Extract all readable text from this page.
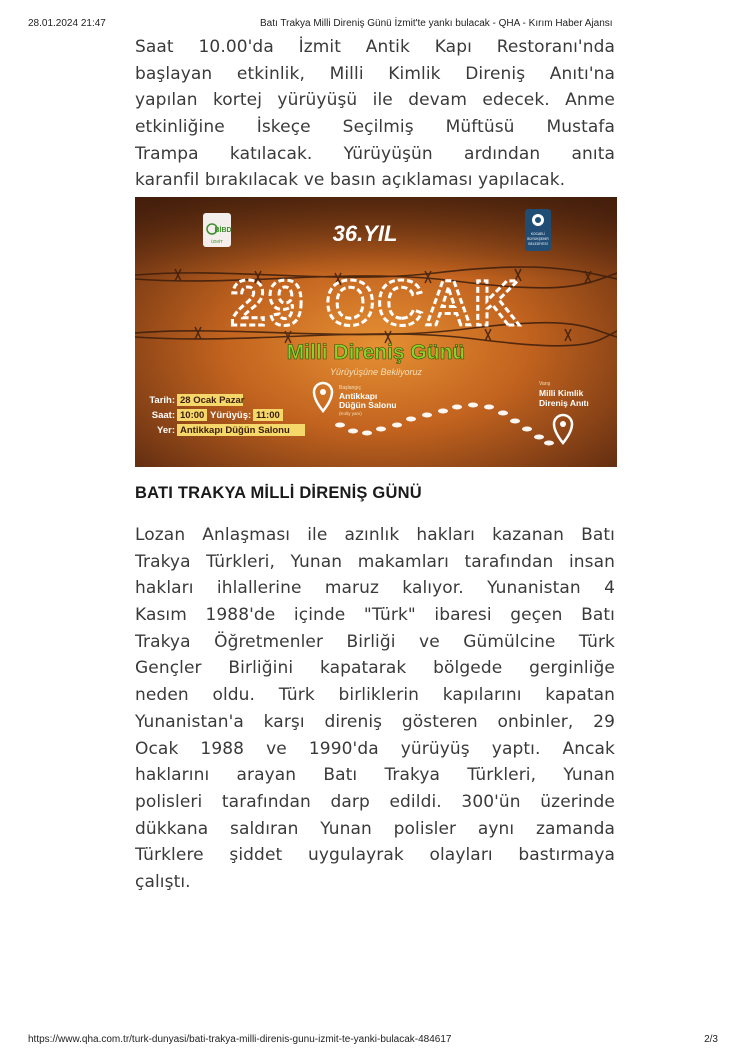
28.01.2024 21:47	Batı Trakya Milli Direniş Günü İzmit'te yankı bulacak - QHA - Kırım Haber Ajansı
Saat 10.00'da İzmit Antik Kapı Restoranı'nda
başlayan etkinlik, Milli Kimlik Direniş Anıtı'na
yapılan kortej yürüyüşü ile devam edecek. Anme
etkinliğine İskeçe Seçilmiş Müftüsü Mustafa
Trampa katılacak. Yürüyüşün ardından anıta
karanfil bırakılacak ve basın açıklaması yapılacak.
BİBD
İZMİT
KOCAELİ
BÜYÜKŞEHİR
BELEDİYESİ
36.YIL
29 OCAK
Milli Direniş Günü
Yürüyüşüne Bekliyoruz
Tarih: 28 Ocak Pazar
Saat: 10:00 Yürüyüş: 11:00
Yer: Antikkapı Düğün Salonu
Başlangıç
Antikkapı
Düğün Salonu
(Kolty yanı)
Varış
Milli Kimlik
Direniş Anıtı
BATI TRAKYA MİLLİ DİRENİŞ GÜNÜ
Lozan Anlaşması ile azınlık hakları kazanan Batı
Trakya Türkleri, Yunan makamları tarafından insan
hakları ihlallerine maruz kalıyor. Yunanistan 4
Kasım 1988'de içinde "Türk" ibaresi geçen Batı
Trakya Öğretmenler Birliği ve Gümülcine Türk
Gençler Birliğini kapatarak bölgede gerginliğe
neden oldu. Türk birliklerin kapılarını kapatan
Yunanistan'a karşı direniş gösteren onbinler, 29
Ocak 1988 ve 1990'da yürüyüş yaptı. Ancak
haklarını arayan Batı Trakya Türkleri, Yunan
polisleri tarafından darp edildi. 300'ün üzerinde
dükkana saldıran Yunan polisler aynı zamanda
Türklere şiddet uygulayrak olayları bastırmaya
çalıştı.
https://www.qha.com.tr/turk-dunyasi/bati-trakya-milli-direnis-gunu-izmit-te-yanki-bulacak-484617	2/3
